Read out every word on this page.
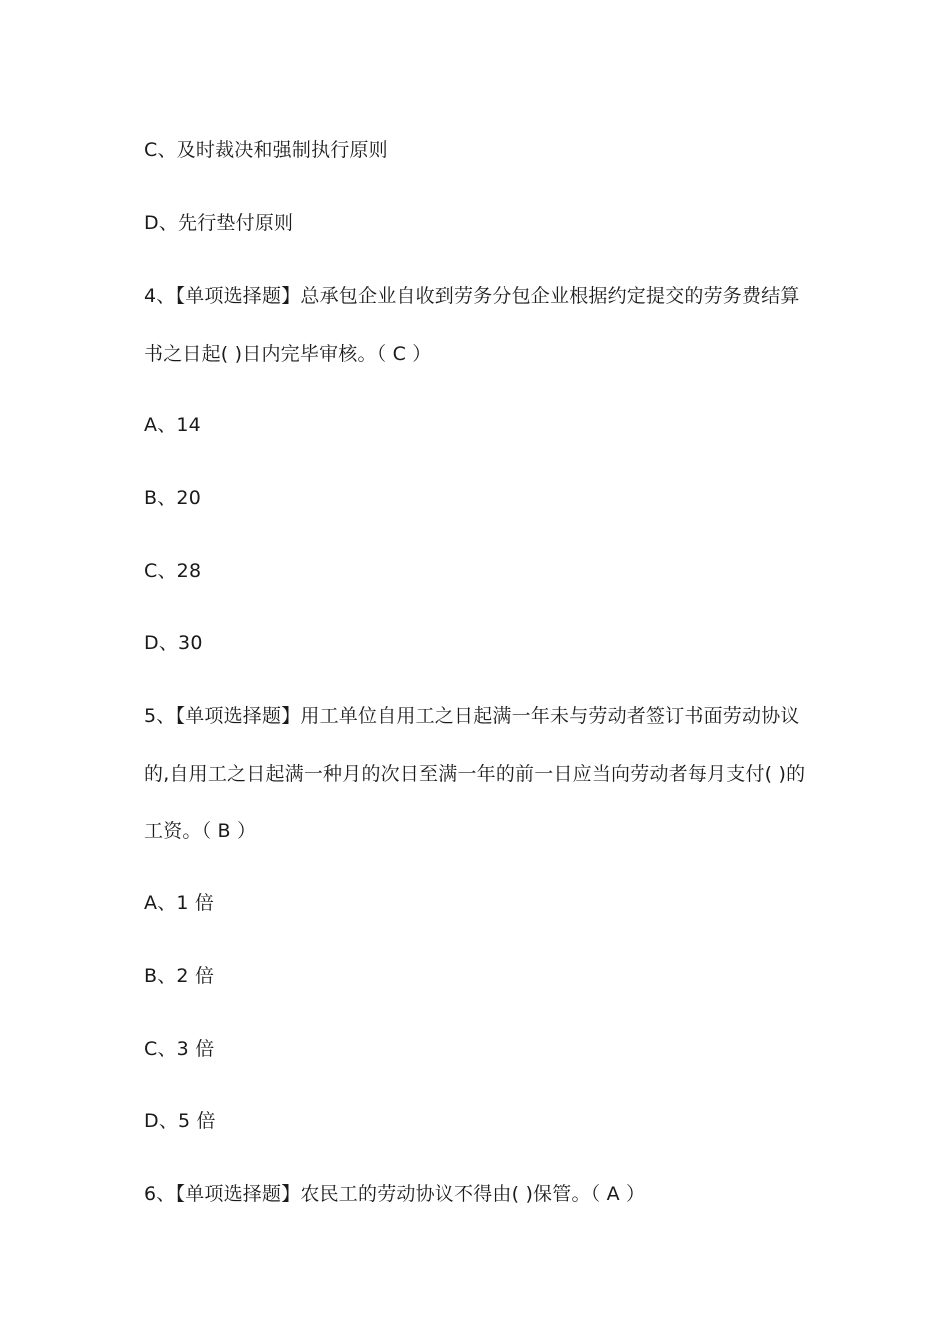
C、及时裁决和强制执行原则
D、先行垫付原则
4、【单项选择题】总承包企业自收到劳务分包企业根据约定提交的劳务费结算
书之日起( )日内完毕审核。（ C ）
A、14
B、20
C、28
D、30
5、【单项选择题】用工单位自用工之日起满一年未与劳动者签订书面劳动协议
的,自用工之日起满一种月的次日至满一年的前一日应当向劳动者每月支付( )的
工资。（ B ）
A、1 倍
B、2 倍
C、3 倍
D、5 倍
6、【单项选择题】农民工的劳动协议不得由( )保管。（ A ）
